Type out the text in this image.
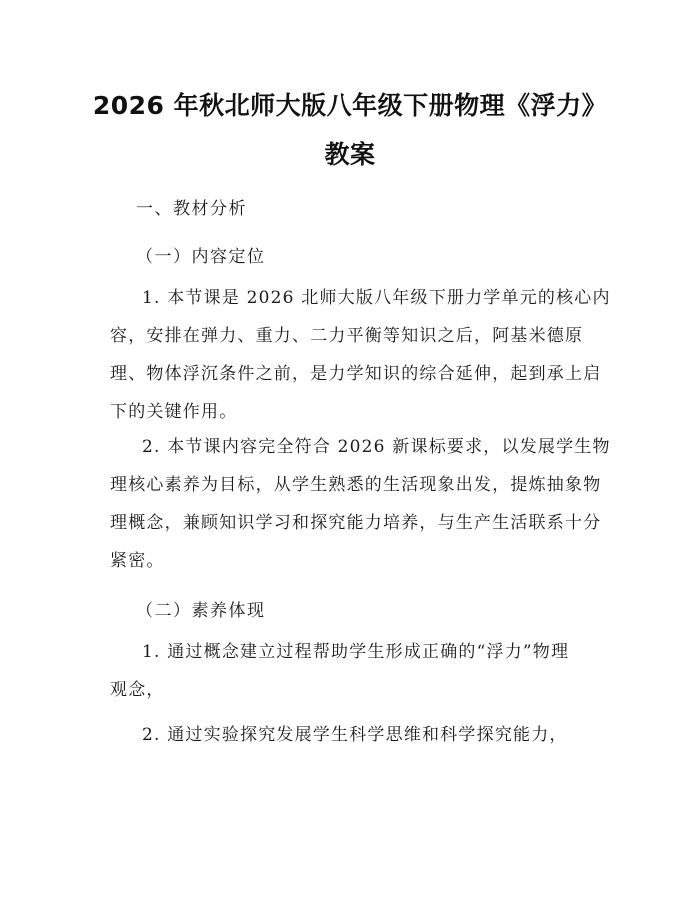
2026 年秋北师大版八年级下册物理《浮力》
教案
一、教材分析
（一）内容定位
1. 本节课是 2026 北师大版八年级下册力学单元的核心内
容，安排在弹力、重力、二力平衡等知识之后，阿基米德原
理、物体浮沉条件之前，是力学知识的综合延伸，起到承上启
下的关键作用。
2. 本节课内容完全符合 2026 新课标要求，以发展学生物
理核心素养为目标，从学生熟悉的生活现象出发，提炼抽象物
理概念，兼顾知识学习和探究能力培养，与生产生活联系十分
紧密。
（二）素养体现
1. 通过概念建立过程帮助学生形成正确的“浮力”物理
观念，
2. 通过实验探究发展学生科学思维和科学探究能力，
